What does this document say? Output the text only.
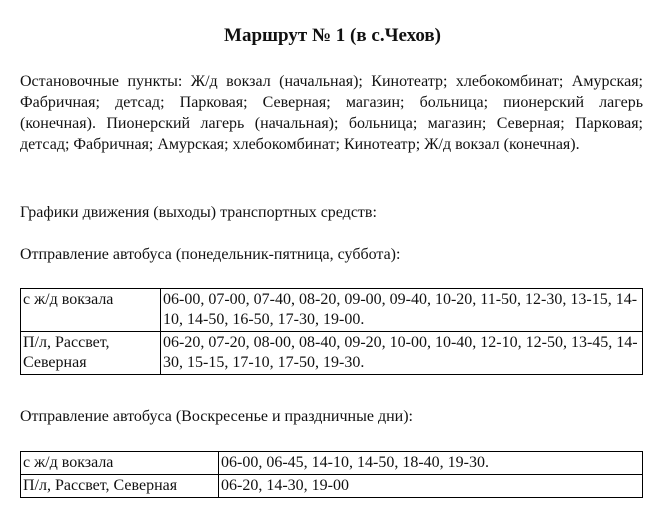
Маршрут № 1 (в с.Чехов)

Остановочные пункты: Ж/д вокзал (начальная); Кинотеатр; хлебокомбинат; Амурская; Фабричная; детсад; Парковая; Северная; магазин; больница; пионерский лагерь (конечная). Пионерский лагерь (начальная); больница; магазин; Северная; Парковая; детсад; Фабричная; Амурская; хлебокомбинат; Кинотеатр; Ж/д вокзал (конечная).

Графики движения (выходы) транспортных средств:

Отправление автобуса (понедельник-пятница, суббота):

с ж/д вокзала	06-00, 07-00, 07-40, 08-20, 09-00, 09-40, 10-20, 11-50, 12-30, 13-15, 14-10, 14-50, 16-50, 17-30, 19-00.
П/л, Рассвет, Северная	06-20, 07-20, 08-00, 08-40, 09-20, 10-00, 10-40, 12-10, 12-50, 13-45, 14-30, 15-15, 17-10, 17-50, 19-30.

Отправление автобуса (Воскресенье и праздничные дни):

с ж/д вокзала	06-00, 06-45, 14-10, 14-50, 18-40, 19-30.
П/л, Рассвет, Северная	06-20, 14-30, 19-00
